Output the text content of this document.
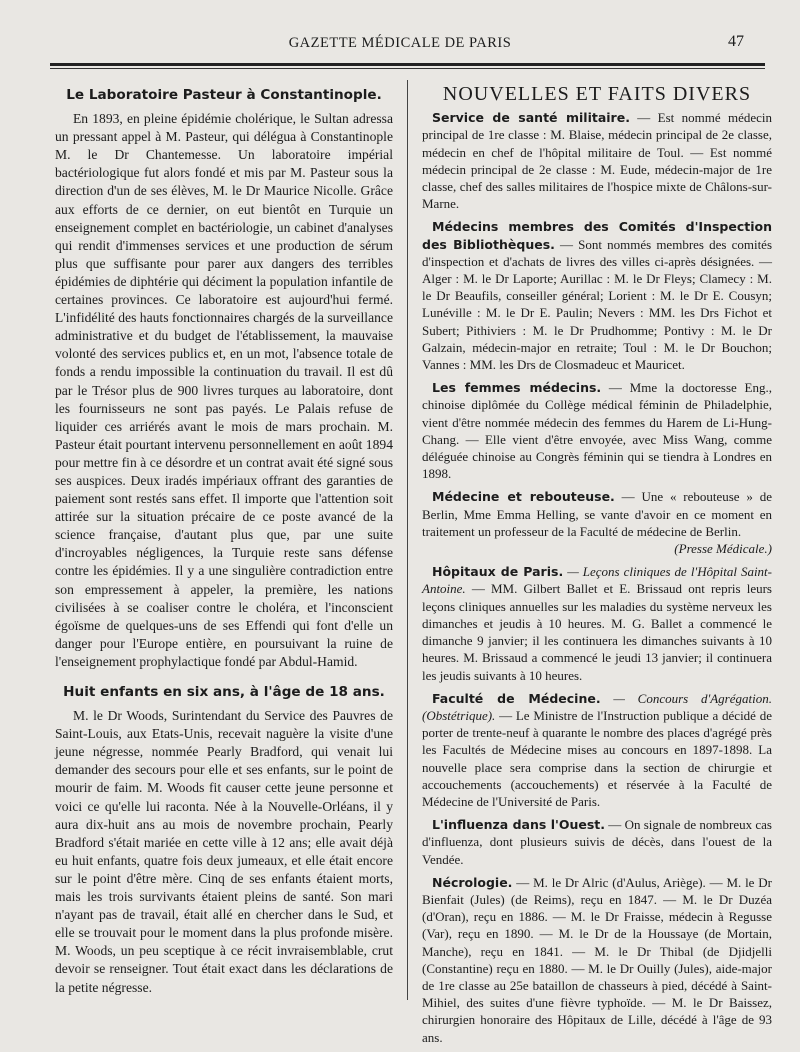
GAZETTE MÉDICALE DE PARIS	47
Le Laboratoire Pasteur à Constantinople.

En 1893, en pleine épidémie cholérique, le Sultan adressa un pressant appel à M. Pasteur, qui délégua à Constantinople M. le Dr Chantemesse. Un laboratoire impérial bactériologique fut alors fondé et mis par M. Pasteur sous la direction d'un de ses élèves, M. le Dr Maurice Nicolle. Grâce aux efforts de ce dernier, on eut bientôt en Turquie un enseignement complet en bactériologie, un cabinet d'analyses qui rendit d'immenses services et une production de sérum plus que suffisante pour parer aux dangers des terribles épidémies de diphtérie qui déciment la population infantile de certaines provinces. Ce laboratoire est aujourd'hui fermé. L'infidélité des hauts fonctionnaires chargés de la surveillance administrative et du budget de l'établissement, la mauvaise volonté des services publics et, en un mot, l'absence totale de fonds a rendu impossible la continuation du travail. Il est dû par le Trésor plus de 900 livres turques au laboratoire, dont les fournisseurs ne sont pas payés. Le Palais refuse de liquider ces arriérés avant le mois de mars prochain. M. Pasteur était pourtant intervenu personnellement en août 1894 pour mettre fin à ce désordre et un contrat avait été signé sous ses auspices. Deux iradés impériaux offrant des garanties de paiement sont restés sans effet. Il importe que l'attention soit attirée sur la situation précaire de ce poste avancé de la science française, d'autant plus que, par une suite d'incroyables négligences, la Turquie reste sans défense contre les épidémies. Il y a une singulière contradiction entre son empressement à appeler, la première, les nations civilisées à se coaliser contre le choléra, et l'inconscient égoïsme de quelques-uns de ses Effendi qui font d'elle un danger pour l'Europe entière, en poursuivant la ruine de l'enseignement prophylactique fondé par Abdul-Hamid.

Huit enfants en six ans, à l'âge de 18 ans.

M. le Dr Woods, Surintendant du Service des Pauvres de Saint-Louis, aux Etats-Unis, recevait naguère la visite d'une jeune négresse, nommée Pearly Bradford, qui venait lui demander des secours pour elle et ses enfants, sur le point de mourir de faim. M. Woods fit causer cette jeune personne et voici ce qu'elle lui raconta. Née à la Nouvelle-Orléans, il y aura dix-huit ans au mois de novembre prochain, Pearly Bradford s'était mariée en cette ville à 12 ans; elle avait déjà eu huit enfants, quatre fois deux jumeaux, et elle était encore sur le point d'être mère. Cinq de ses enfants étaient morts, mais les trois survivants étaient pleins de santé. Son mari n'ayant pas de travail, était allé en chercher dans le Sud, et elle se trouvait pour le moment dans la plus profonde misère. M. Woods, un peu sceptique à ce récit invraisemblable, crut devoir se renseigner. Tout était exact dans les déclarations de la petite négresse.

NOUVELLES ET FAITS DIVERS

Service de santé militaire. — Est nommé médecin principal de 1re classe : M. Blaise, médecin principal de 2e classe, médecin en chef de l'hôpital militaire de Toul. — Est nommé médecin principal de 2e classe : M. Eude, médecin-major de 1re classe, chef des salles militaires de l'hospice mixte de Châlons-sur-Marne.

Médecins membres des Comités d'Inspection des Bibliothèques. — Sont nommés membres des comités d'inspection et d'achats de livres des villes ci-après désignées. — Alger : M. le Dr Laporte; Aurillac : M. le Dr Fleys; Clamecy : M. le Dr Beaufils, conseiller général; Lorient : M. le Dr E. Cousyn; Lunéville : M. le Dr E. Paulin; Nevers : MM. les Drs Fichot et Subert; Pithiviers : M. le Dr Prudhomme; Pontivy : M. le Dr Galzain, médecin-major en retraite; Toul : M. le Dr Bouchon; Vannes : MM. les Drs de Closmadeuc et Mauricet.

Les femmes médecins. — Mme la doctoresse Eng., chinoise diplômée du Collège médical féminin de Philadelphie, vient d'être nommée médecin des femmes du Harem de Li-Hung-Chang. — Elle vient d'être envoyée, avec Miss Wang, comme déléguée chinoise au Congrès féminin qui se tiendra à Londres en 1898.

Médecine et rebouteuse. — Une « rebouteuse » de Berlin, Mme Emma Helling, se vante d'avoir en ce moment en traitement un professeur de la Faculté de médecine de Berlin.
(Presse Médicale.)

Hôpitaux de Paris. — Leçons cliniques de l'Hôpital Saint-Antoine. — MM. Gilbert Ballet et E. Brissaud ont repris leurs leçons cliniques annuelles sur les maladies du système nerveux les dimanches et jeudis à 10 heures. M. G. Ballet a commencé le dimanche 9 janvier; il les continuera les dimanches suivants à 10 heures. M. Brissaud a commencé le jeudi 13 janvier; il continuera les jeudis suivants à 10 heures.

Faculté de Médecine. — Concours d'Agrégation. (Obstétrique). — Le Ministre de l'Instruction publique a décidé de porter de trente-neuf à quarante le nombre des places d'agrégé près les Facultés de Médecine mises au concours en 1897-1898. La nouvelle place sera comprise dans la section de chirurgie et accouchements (accouchements) et réservée à la Faculté de Médecine de l'Université de Paris.

L'influenza dans l'Ouest. — On signale de nombreux cas d'influenza, dont plusieurs suivis de décès, dans l'ouest de la Vendée.

Nécrologie. — M. le Dr Alric (d'Aulus, Ariège). — M. le Dr Bienfait (Jules) (de Reims), reçu en 1847. — M. le Dr Duzéa (d'Oran), reçu en 1886. — M. le Dr Fraisse, médecin à Regusse (Var), reçu en 1890. — M. le Dr de la Houssaye (de Mortain, Manche), reçu en 1841. — M. le Dr Thibal (de Djidjelli (Constantine) reçu en 1880. — M. le Dr Ouilly (Jules), aide-major de 1re classe au 25e bataillon de chasseurs à pied, décédé à Saint-Mihiel, des suites d'une fièvre typhoïde. — M. le Dr Baissez, chirurgien honoraire des Hôpitaux de Lille, décédé à l'âge de 93 ans.
